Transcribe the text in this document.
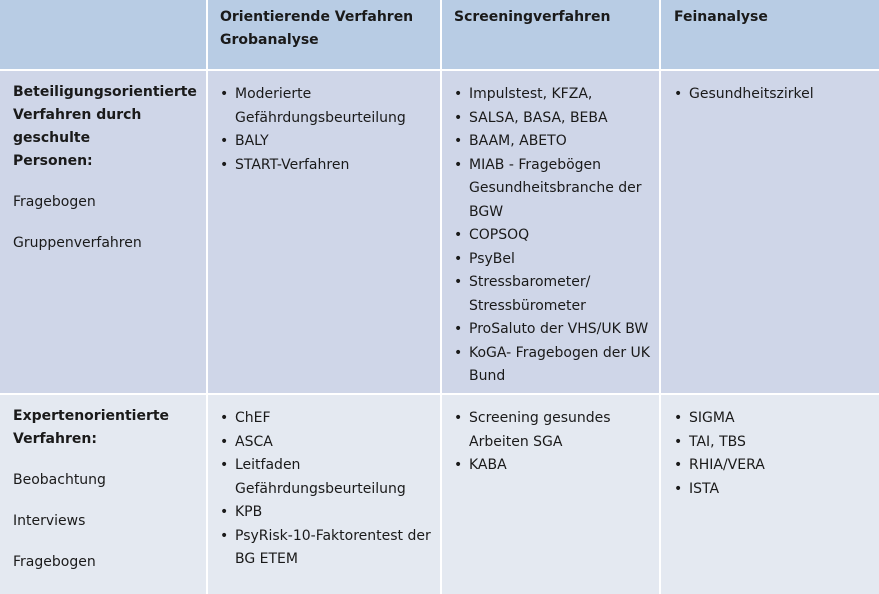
Orientierende Verfahren
Grobanalyse
Screeningverfahren	Feinanalyse
Beteiligungsorientierte
Verfahren durch geschulte
Personen:
Fragebogen
Gruppenverfahren
• Moderierte Gefährdungsbeurteilung
• BALY
• START-Verfahren
• Impulstest, KFZA,
• SALSA, BASA, BEBA
• BAAM, ABETO
• MIAB - Fragebögen Gesundheitsbranche der BGW
• COPSOQ
• PsyBel
• Stressbarometer/ Stressbürometer
• ProSaluto der VHS/UK BW
• KoGA- Fragebogen der UK Bund
• Gesundheitszirkel
Expertenorientierte
Verfahren:
Beobachtung
Interviews
Fragebogen
• ChEF
• ASCA
• Leitfaden Gefährdungsbeurteilung
• KPB
• PsyRisk-10-Faktorentest der BG ETEM
• Screening gesundes Arbeiten SGA
• KABA
• SIGMA
• TAI, TBS
• RHIA/VERA
• ISTA
